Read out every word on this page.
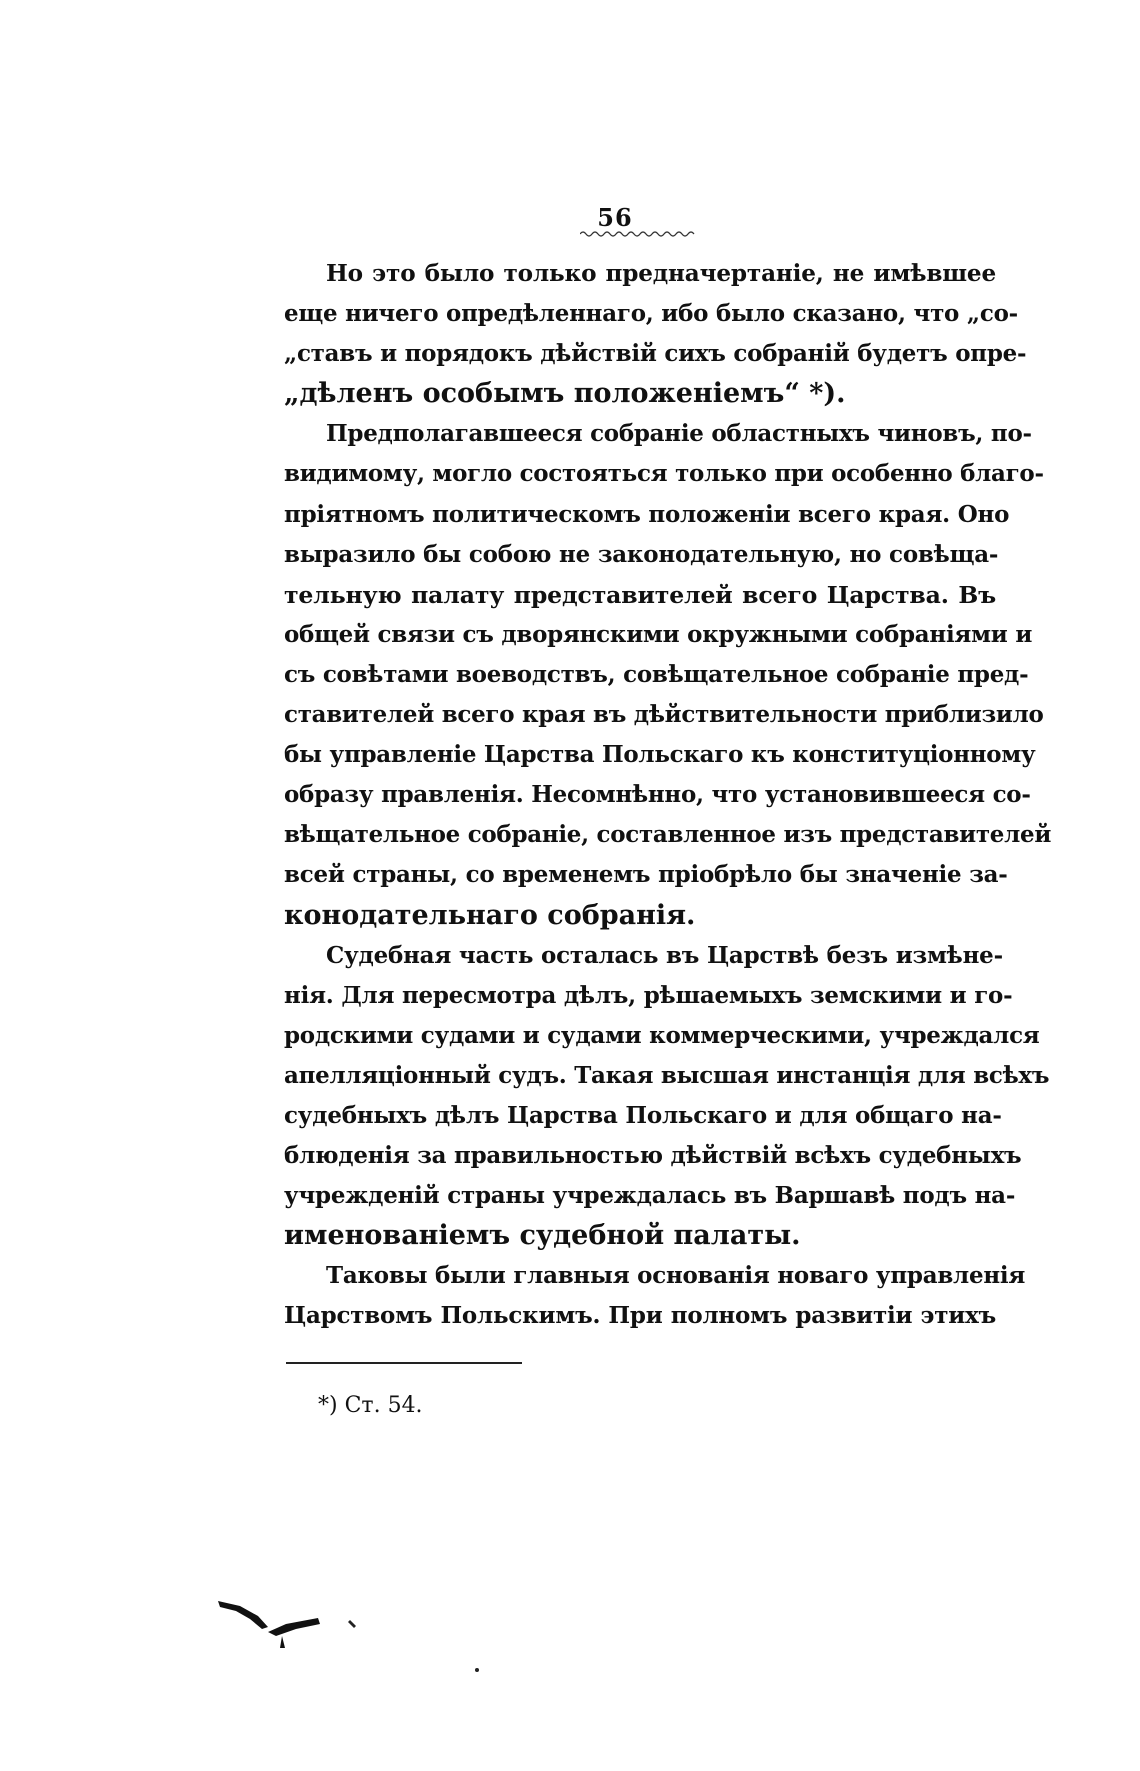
56

Но это было только предначертаніе, не имѣвшее
еще ничего опредѣленнаго, ибо было сказано, что „со-
„ставъ и порядокъ дѣйствій сихъ собраній будетъ опре-
„дѣленъ особымъ положеніемъ“ *).

Предполагавшееся собраніе областныхъ чиновъ, по-
видимому, могло состояться только при особенно благо-
пріятномъ политическомъ положеніи всего края. Оно
выразило бы собою не законодательную, но совѣща-
тельную палату представителей всего Царства. Въ
общей связи съ дворянскими окружными собраніями и
съ совѣтами воеводствъ, совѣщательное собраніе пред-
ставителей всего края въ дѣйствительности приблизило
бы управленіе Царства Польскаго къ конституціонному
образу правленія. Несомнѣнно, что установившееся со-
вѣщательное собраніе, составленное изъ представителей
всей страны, со временемъ пріобрѣло бы значеніе за-
конодательнаго собранія.

Судебная часть осталась въ Царствѣ безъ измѣне-
нія. Для пересмотра дѣлъ, рѣшаемыхъ земскими и го-
родскими судами и судами коммерческими, учреждался
апелляціонный судъ. Такая высшая инстанція для всѣхъ
судебныхъ дѣлъ Царства Польскаго и для общаго на-
блюденія за правильностью дѣйствій всѣхъ судебныхъ
учрежденій страны учреждалась въ Варшавѣ подъ на-
именованіемъ судебной палаты.

Таковы были главныя основанія новаго управленія
Царствомъ Польскимъ. При полномъ развитіи этихъ

*) Ст. 54.
